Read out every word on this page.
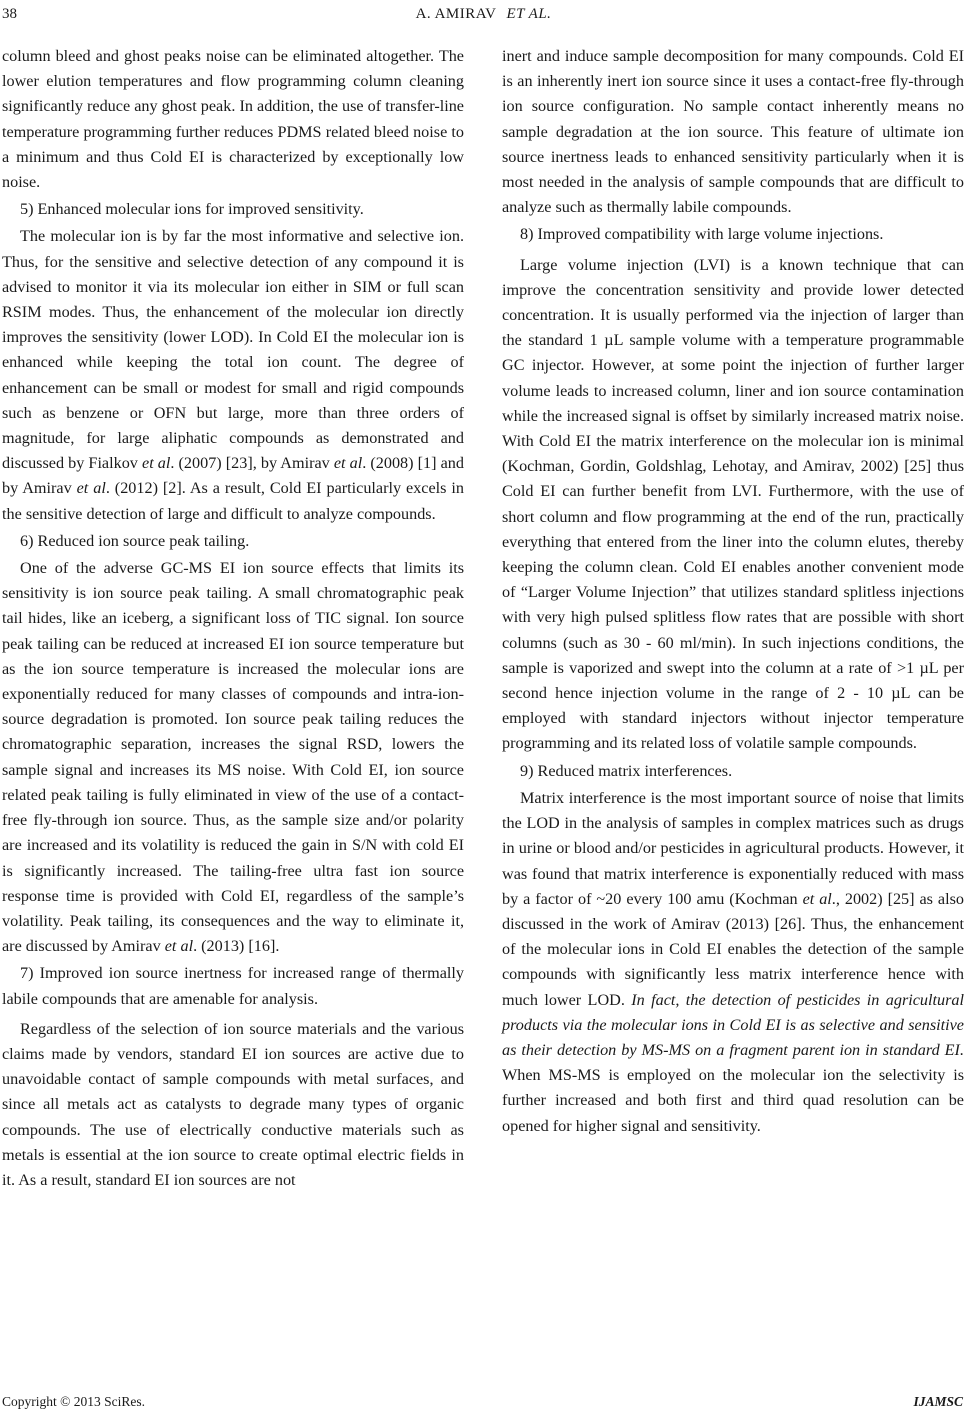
38	A. AMIRAV ET AL.

column bleed and ghost peaks noise can be eliminated altogether. The lower elution temperatures and flow programming column cleaning significantly reduce any ghost peak. In addition, the use of transfer-line temperature programming further reduces PDMS related bleed noise to a minimum and thus Cold EI is characterized by exceptionally low noise.

5) Enhanced molecular ions for improved sensitivity.

The molecular ion is by far the most informative and selective ion. Thus, for the sensitive and selective detection of any compound it is advised to monitor it via its molecular ion either in SIM or full scan RSIM modes. Thus, the enhancement of the molecular ion directly improves the sensitivity (lower LOD). In Cold EI the molecular ion is enhanced while keeping the total ion count. The degree of enhancement can be small or modest for small and rigid compounds such as benzene or OFN but large, more than three orders of magnitude, for large aliphatic compounds as demonstrated and discussed by Fialkov et al. (2007) [23], by Amirav et al. (2008) [1] and by Amirav et al. (2012) [2]. As a result, Cold EI particularly excels in the sensitive detection of large and difficult to analyze compounds.

6) Reduced ion source peak tailing.

One of the adverse GC-MS EI ion source effects that limits its sensitivity is ion source peak tailing. A small chromatographic peak tail hides, like an iceberg, a significant loss of TIC signal. Ion source peak tailing can be reduced at increased EI ion source temperature but as the ion source temperature is increased the molecular ions are exponentially reduced for many classes of compounds and intra-ion-source degradation is promoted. Ion source peak tailing reduces the chromatographic separation, increases the signal RSD, lowers the sample signal and increases its MS noise. With Cold EI, ion source related peak tailing is fully eliminated in view of the use of a contact-free fly-through ion source. Thus, as the sample size and/or polarity are increased and its volatility is reduced the gain in S/N with cold EI is significantly increased. The tailing-free ultra fast ion source response time is provided with Cold EI, regardless of the sample’s volatility. Peak tailing, its consequences and the way to eliminate it, are discussed by Amirav et al. (2013) [16].

7) Improved ion source inertness for increased range of thermally labile compounds that are amenable for analysis.

Regardless of the selection of ion source materials and the various claims made by vendors, standard EI ion sources are active due to unavoidable contact of sample compounds with metal surfaces, and since all metals act as catalysts to degrade many types of organic compounds. The use of electrically conductive materials such as metals is essential at the ion source to create optimal electric fields in it. As a result, standard EI ion sources are not

inert and induce sample decomposition for many compounds. Cold EI is an inherently inert ion source since it uses a contact-free fly-through ion source configuration. No sample contact inherently means no sample degradation at the ion source. This feature of ultimate ion source inertness leads to enhanced sensitivity particularly when it is most needed in the analysis of sample compounds that are difficult to analyze such as thermally labile compounds.

8) Improved compatibility with large volume injections.

Large volume injection (LVI) is a known technique that can improve the concentration sensitivity and provide lower detected concentration. It is usually performed via the injection of larger than the standard 1 µL sample volume with a temperature programmable GC injector. However, at some point the injection of further larger volume leads to increased column, liner and ion source contamination while the increased signal is offset by similarly increased matrix noise. With Cold EI the matrix interference on the molecular ion is minimal (Kochman, Gordin, Goldshlag, Lehotay, and Amirav, 2002) [25] thus Cold EI can further benefit from LVI. Furthermore, with the use of short column and flow programming at the end of the run, practically everything that entered from the liner into the column elutes, thereby keeping the column clean. Cold EI enables another convenient mode of “Larger Volume Injection” that utilizes standard splitless injections with very high pulsed splitless flow rates that are possible with short columns (such as 30 - 60 ml/min). In such injections conditions, the sample is vaporized and swept into the column at a rate of >1 µL per second hence injection volume in the range of 2 - 10 µL can be employed with standard injectors without injector temperature programming and its related loss of volatile sample compounds.

9) Reduced matrix interferences.

Matrix interference is the most important source of noise that limits the LOD in the analysis of samples in complex matrices such as drugs in urine or blood and/or pesticides in agricultural products. However, it was found that matrix interference is exponentially reduced with mass by a factor of ~20 every 100 amu (Kochman et al., 2002) [25] as also discussed in the work of Amirav (2013) [26]. Thus, the enhancement of the molecular ions in Cold EI enables the detection of the sample compounds with significantly less matrix interference hence with much lower LOD. In fact, the detection of pesticides in agricultural products via the molecular ions in Cold EI is as selective and sensitive as their detection by MS-MS on a fragment parent ion in standard EI. When MS-MS is employed on the molecular ion the selectivity is further increased and both first and third quad resolution can be opened for higher signal and sensitivity.

Copyright © 2013 SciRes.	IJAMSC
